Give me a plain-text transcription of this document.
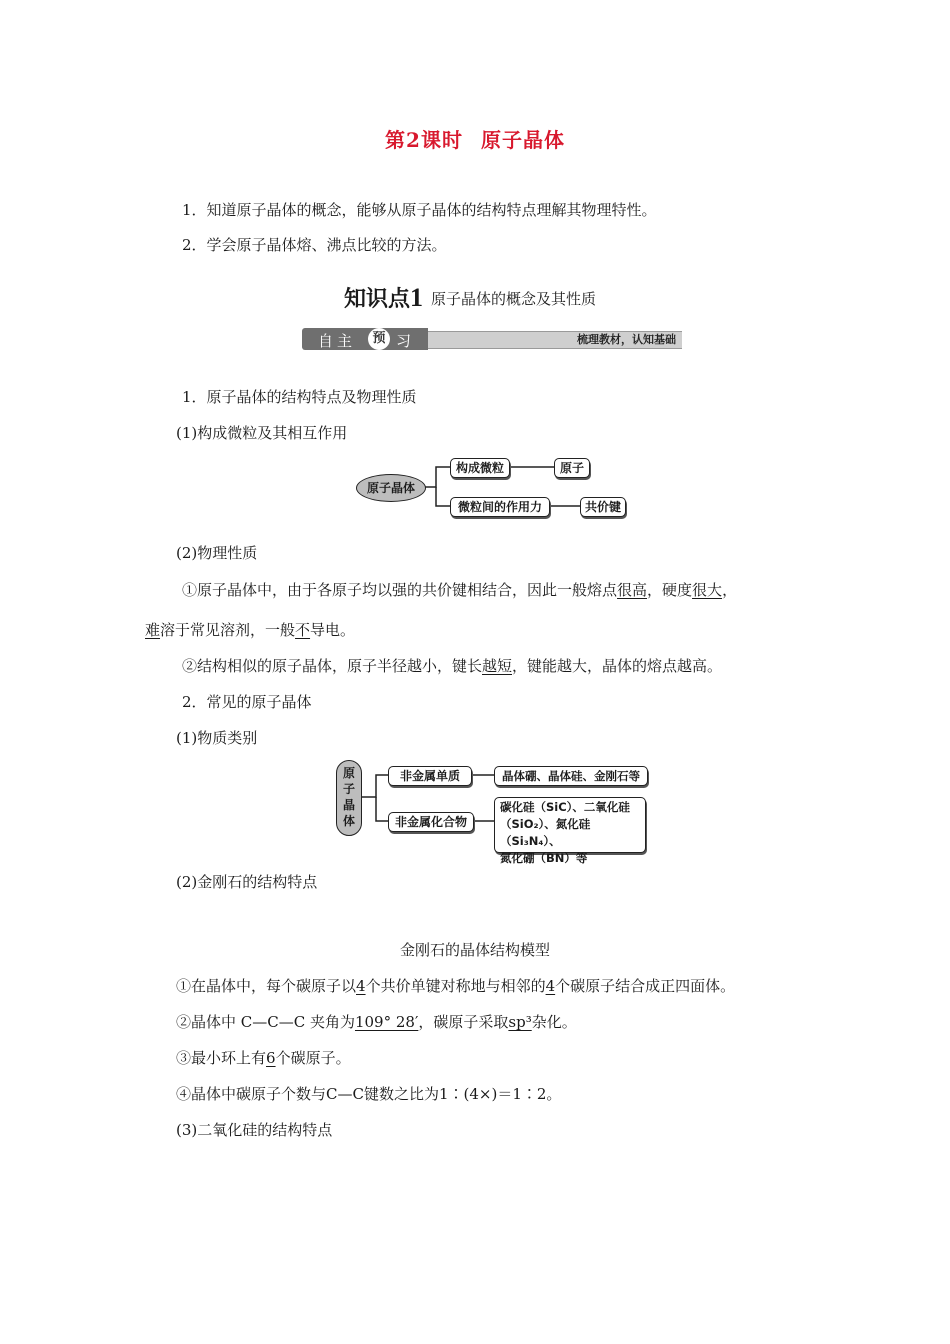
第2课时 原子晶体
1．知道原子晶体的概念，能够从原子晶体的结构特点理解其物理特性。
2．学会原子晶体熔、沸点比较的方法。
知识点1 原子晶体的概念及其性质
自主	预 习	梳理教材，认知基础
1．原子晶体的结构特点及物理性质
(1)构成微粒及其相互作用
原子晶体
构成微粒	原子
微粒间的作用力	共价键
(2)物理性质
①原子晶体中，由于各原子均以强的共价键相结合，因此一般熔点很高，硬度很大，
难溶于常见溶剂，一般不导电。
②结构相似的原子晶体，原子半径越小，键长越短，键能越大，晶体的熔点越高。
2．常见的原子晶体
(1)物质类别
原
子
晶
体
非金属单质	晶体硼、晶体硅、金刚石等
非金属化合物
碳化硅（SiC）、二氧化硅
（SiO₂）、氮化硅（Si₃N₄）、
氮化硼（BN）等
(2)金刚石的结构特点
金刚石的晶体结构模型
①在晶体中，每个碳原子以4个共价单键对称地与相邻的4个碳原子结合成正四面体。
②晶体中 C—C—C 夹角为109° 28′，碳原子采取sp³杂化。
③最小环上有6个碳原子。
④晶体中碳原子个数与C—C键数之比为1∶(4×)＝1∶2。
(3)二氧化硅的结构特点
